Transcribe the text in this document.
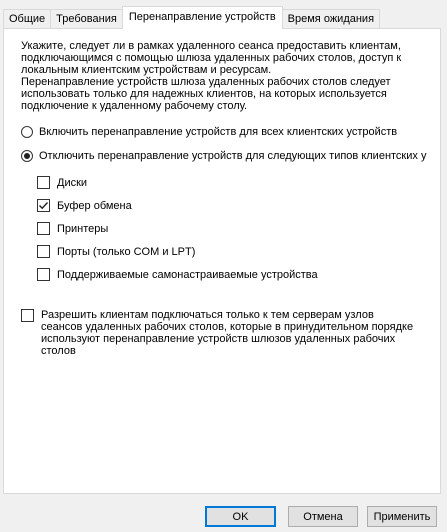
Общие	Требования	Перенаправление устройств	Время ожидания
Укажите, следует ли в рамках удаленного сеанса предоставить клиентам,
подключающимся с помощью шлюза удаленных рабочих столов, доступ к
локальным клиентским устройствам и ресурсам.
Перенаправление устройств шлюза удаленных рабочих столов следует
использовать только для надежных клиентов, на которых используется
подключение к удаленному рабочему столу.
Включить перенаправление устройств для всех клиентских устройств
Отключить перенаправление устройств для следующих типов клиентских у
Диски
Буфер обмена
Принтеры
Порты (только COM и LPT)
Поддерживаемые самонастраиваемые устройства
Разрешить клиентам подключаться только к тем серверам узлов
сеансов удаленных рабочих столов, которые в принудительном порядке
используют перенаправление устройств шлюзов удаленных рабочих
столов
OK	Отмена	Применить
